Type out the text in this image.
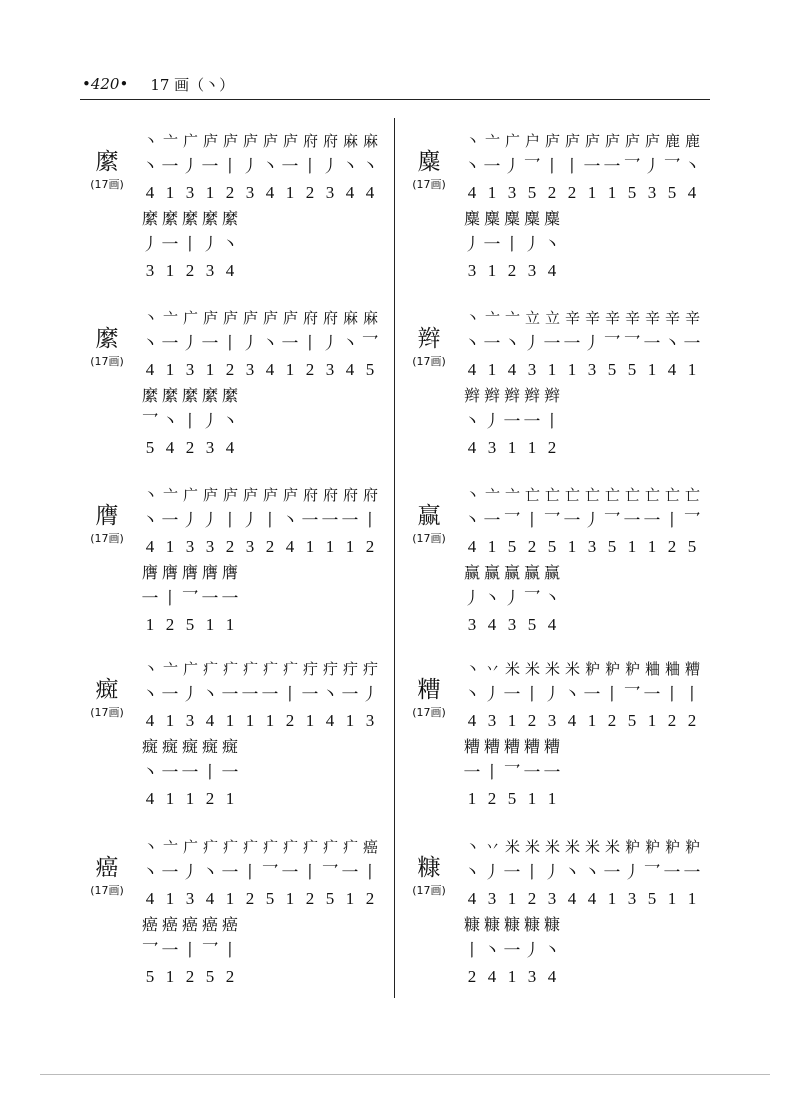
•420• 17 画（丶）
縻
(17画)
丶 亠 广 庐 庐 庐 庐 庐 府 府 麻 麻
丶 一 丿 一 丨 丿 丶 一 丨 丿 丶 丶
4 1 3 1 2 3 4 1 2 3 4 4
縻 縻 縻 縻 縻
丿 一 丨 丿 丶
3 1 2 3 4
縻
(17画)
丶 亠 广 庐 庐 庐 庐 庐 府 府 麻 麻
丶 一 丿 一 丨 丿 丶 一 丨 丿 丶 乛
4 1 3 1 2 3 4 1 2 3 4 5
縻 縻 縻 縻 縻
乛 丶 丨 丿 丶
5 4 2 3 4
膺
(17画)
丶 亠 广 庐 庐 庐 庐 庐 府 府 府 府
丶 一 丿 丿 丨 丿 丨 丶 一 一 一 丨
4 1 3 3 2 3 2 4 1 1 1 2
膺 膺 膺 膺 膺
一 丨 乛 一 一
1 2 5 1 1
癍
(17画)
丶 亠 广 疒 疒 疒 疒 疒 疔 疔 疔 疔
丶 一 丿 丶 一 一 一 丨 一 丶 一 丿
4 1 3 4 1 1 1 2 1 4 1 3
癍 癍 癍 癍 癍
丶 一 一 丨 一
4 1 1 2 1
癌
(17画)
丶 亠 广 疒 疒 疒 疒 疒 疒 疒 疒 癌
丶 一 丿 丶 一 丨 乛 一 丨 乛 一 丨
4 1 3 4 1 2 5 1 2 5 1 2
癌 癌 癌 癌 癌
乛 一 丨 乛 丨
5 1 2 5 2
麋
(17画)
丶 亠 广 户 庐 庐 庐 庐 庐 庐 鹿 鹿
丶 一 丿 乛 丨 丨 一 一 乛 丿 乛 丶
4 1 3 5 2 2 1 1 5 3 5 4
麋 麋 麋 麋 麋
丿 一 丨 丿 丶
3 1 2 3 4
辫
(17画)
丶 亠 亠 立 立 辛 辛 辛 辛 辛 辛 辛
丶 一 丶 丿 一 一 丿 乛 乛 一 丶 一
4 1 4 3 1 1 3 5 5 1 4 1
辫 辫 辫 辫 辫
丶 丿 一 一 丨
4 3 1 1 2
赢
(17画)
丶 亠 亠 亡 亡 亡 亡 亡 亡 亡 亡 亡
丶 一 乛 丨 乛 一 丿 乛 一 一 丨 乛
4 1 5 2 5 1 3 5 1 1 2 5
赢 赢 赢 赢 赢
丿 丶 丿 乛 丶
3 4 3 5 4
糟
(17画)
丶 丷 米 米 米 米 粐 粐 粐 粬 粬 糟
丶 丿 一 丨 丿 丶 一 丨 乛 一 丨 丨
4 3 1 2 3 4 1 2 5 1 2 2
糟 糟 糟 糟 糟
一 丨 乛 一 一
1 2 5 1 1
糠
(17画)
丶 丷 米 米 米 米 米 米 粐 粐 粐 粐
丶 丿 一 丨 丿 丶 丶 一 丿 乛 一 一
4 3 1 2 3 4 4 1 3 5 1 1
糠 糠 糠 糠 糠
丨 丶 一 丿 丶
2 4 1 3 4
